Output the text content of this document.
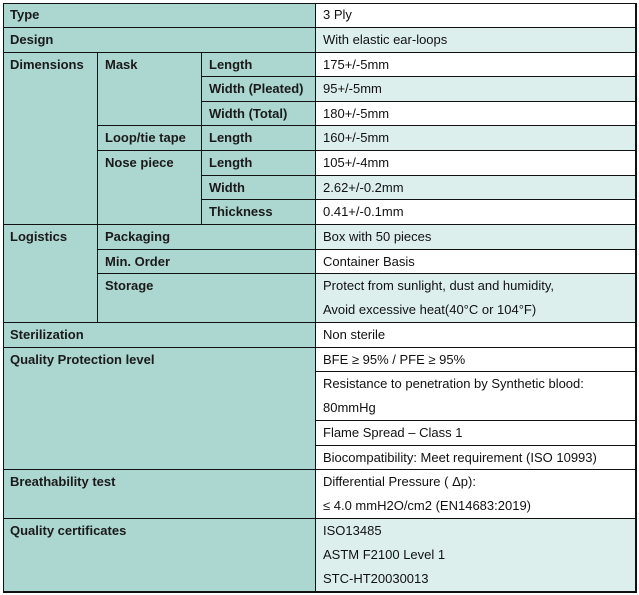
Type	3 Ply
Design	With elastic ear-loops
Dimensions	Mask	Length	175+/-5mm
Width (Pleated)	95+/-5mm
Width (Total)	180+/-5mm
Loop/tie tape	Length	160+/-5mm
Nose piece	Length	105+/-4mm
Width	2.62+/-0.2mm
Thickness	0.41+/-0.1mm
Logistics	Packaging	Box with 50 pieces
Min. Order	Container Basis
Storage	Protect from sunlight, dust and humidity,
Avoid excessive heat(40°C or 104°F)
Sterilization	Non sterile
Quality Protection level	BFE ≥ 95% / PFE ≥ 95%
Resistance to penetration by Synthetic blood:
80mmHg
Flame Spread – Class 1
Biocompatibility: Meet requirement (ISO 10993)
Breathability test	Differential Pressure ( Δp):
≤ 4.0 mmH2O/cm2 (EN14683:2019)
Quality certificates	ISO13485
ASTM F2100 Level 1
STC-HT20030013
